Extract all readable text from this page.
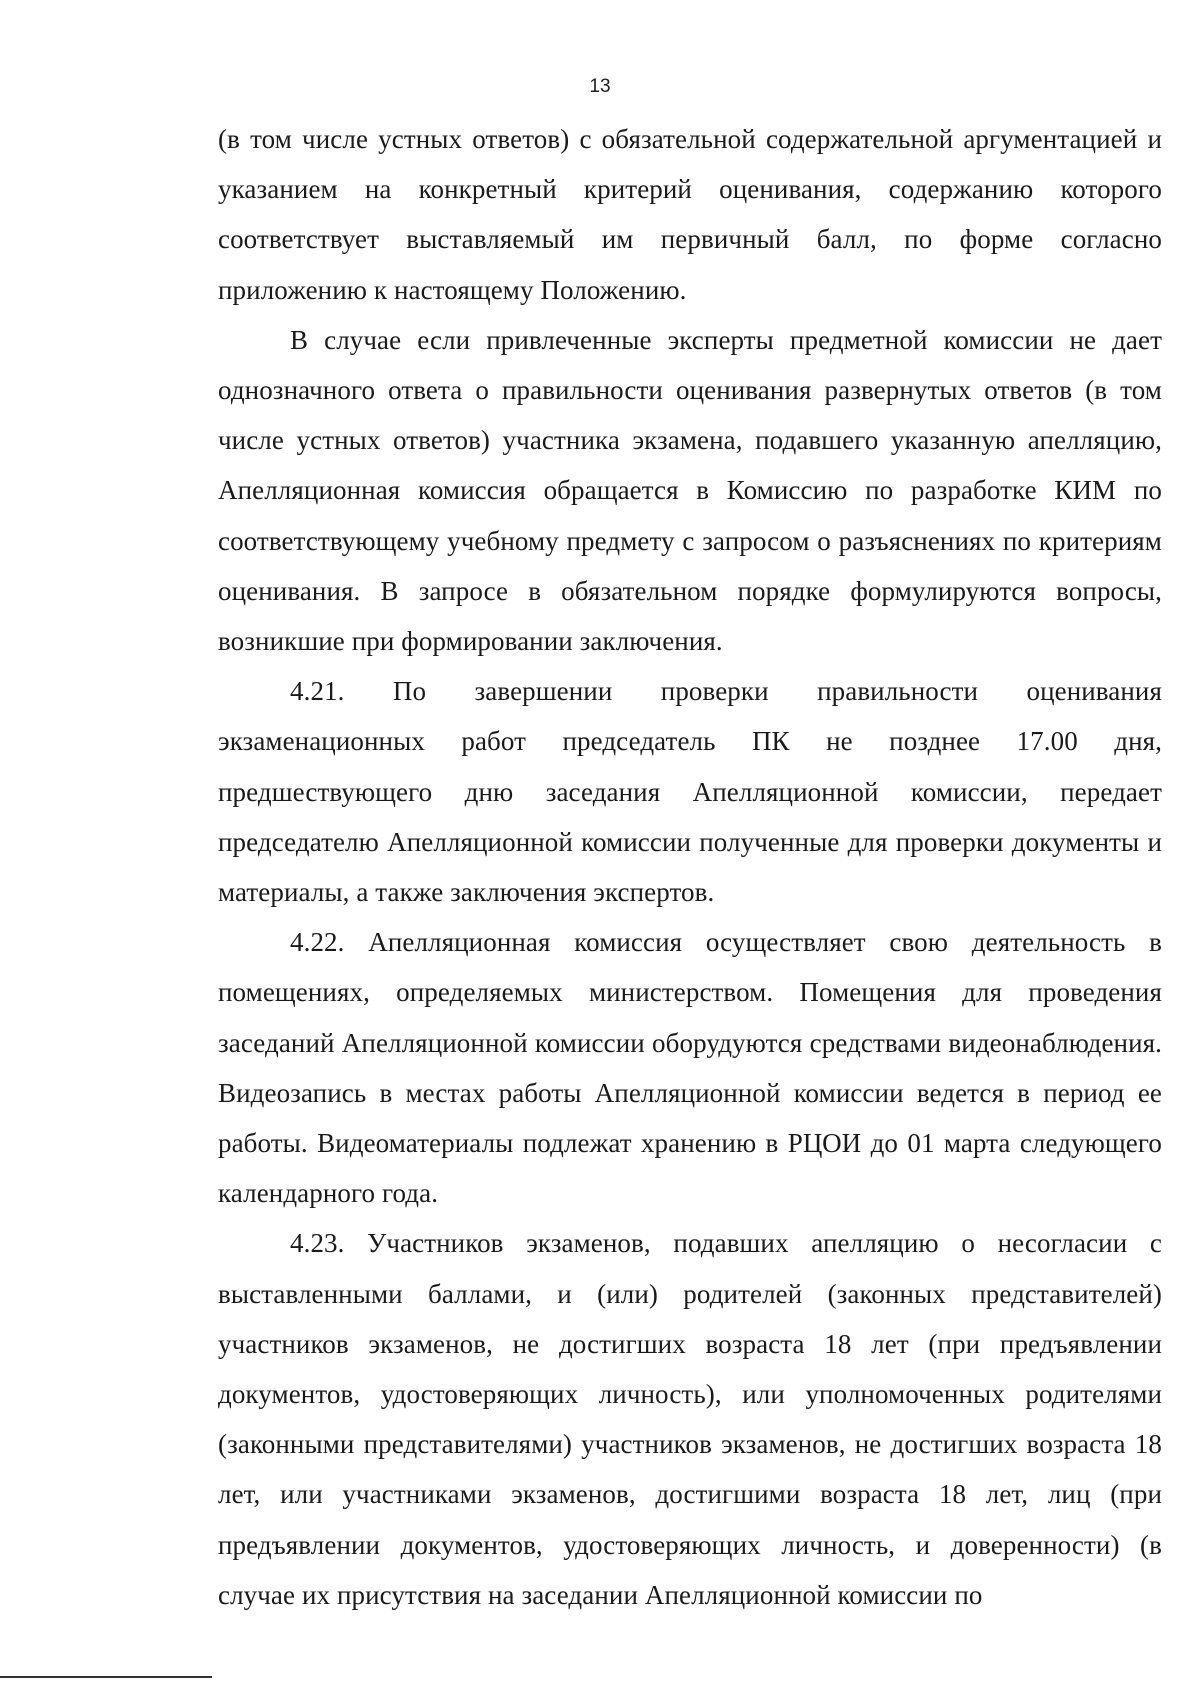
13

(в том числе устных ответов) с обязательной содержательной аргументацией и указанием на конкретный критерий оценивания, содержанию которого соответствует выставляемый им первичный балл, по форме согласно приложению к настоящему Положению.

В случае если привлеченные эксперты предметной комиссии не дает однозначного ответа о правильности оценивания развернутых ответов (в том числе устных ответов) участника экзамена, подавшего указанную апелляцию, Апелляционная комиссия обращается в Комиссию по разработке КИМ по соответствующему учебному предмету с запросом о разъяснениях по критериям оценивания. В запросе в обязательном порядке формулируются вопросы, возникшие при формировании заключения.

4.21. По завершении проверки правильности оценивания экзаменационных работ председатель ПК не позднее 17.00 дня, предшествующего дню заседания Апелляционной комиссии, передает председателю Апелляционной комиссии полученные для проверки документы и материалы, а также заключения экспертов.

4.22. Апелляционная комиссия осуществляет свою деятельность в помещениях, определяемых министерством. Помещения для проведения заседаний Апелляционной комиссии оборудуются средствами видеонаблюдения. Видеозапись в местах работы Апелляционной комиссии ведется в период ее работы. Видеоматериалы подлежат хранению в РЦОИ до 01 марта следующего календарного года.

4.23. Участников экзаменов, подавших апелляцию о несогласии с выставленными баллами, и (или) родителей (законных представителей) участников экзаменов, не достигших возраста 18 лет (при предъявлении документов, удостоверяющих личность), или уполномоченных родителями (законными представителями) участников экзаменов, не достигших возраста 18 лет, или участниками экзаменов, достигшими возраста 18 лет, лиц (при предъявлении документов, удостоверяющих личность, и доверенности) (в случае их присутствия на заседании Апелляционной комиссии по
